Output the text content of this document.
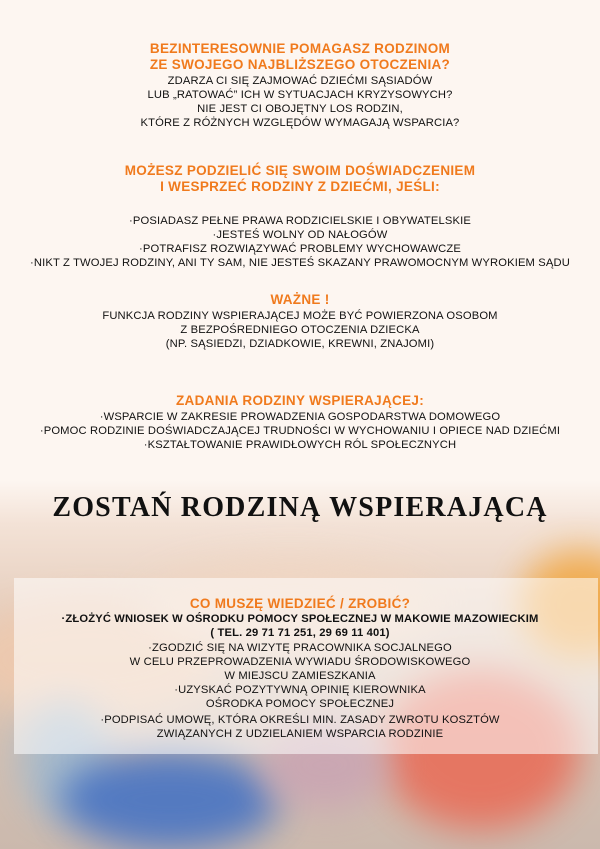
BEZINTERESOWNIE POMAGASZ RODZINOM

ZE SWOJEGO NAJBLIŻSZEGO OTOCZENIA?

ZDARZA CI SIĘ ZAJMOWAĆ DZIEĆMI SĄSIADÓW

LUB „RATOWAĆ” ICH W SYTUACJACH KRYZYSOWYCH?

NIE JEST CI OBOJĘTNY LOS RODZIN,

KTÓRE Z RÓŻNYCH WZGLĘDÓW WYMAGAJĄ WSPARCIA?

MOŻESZ PODZIELIĆ SIĘ SWOIM DOŚWIADCZENIEM

I WESPRZEĆ RODZINY Z DZIEĆMI, JEŚLI:

·POSIADASZ PEŁNE PRAWA RODZICIELSKIE I OBYWATELSKIE

·JESTEŚ WOLNY OD NAŁOGÓW

·POTRAFISZ ROZWIĄZYWAĆ PROBLEMY WYCHOWAWCZE

·NIKT Z TWOJEJ RODZINY, ANI TY SAM, NIE JESTEŚ SKAZANY PRAWOMOCNYM WYROKIEM SĄDU

WAŻNE !

FUNKCJA RODZINY WSPIERAJĄCEJ MOŻE BYĆ POWIERZONA OSOBOM

Z BEZPOŚREDNIEGO OTOCZENIA DZIECKA

(NP. SĄSIEDZI, DZIADKOWIE, KREWNI, ZNAJOMI)

ZADANIA RODZINY WSPIERAJĄCEJ:

·WSPARCIE W ZAKRESIE PROWADZENIA GOSPODARSTWA DOMOWEGO

·POMOC RODZINIE DOŚWIADCZAJĄCEJ TRUDNOŚCI W WYCHOWANIU I OPIECE NAD DZIEĆMI

·KSZTAŁTOWANIE PRAWIDŁOWYCH RÓL SPOŁECZNYCH

ZOSTAŃ RODZINĄ WSPIERAJĄCĄ

CO MUSZĘ WIEDZIEĆ / ZROBIĆ?

·ZŁOŻYĆ WNIOSEK W OŚRODKU POMOCY SPOŁECZNEJ W MAKOWIE MAZOWIECKIM

( TEL. 29 71 71 251, 29 69 11 401)

·ZGODZIĆ SIĘ NA WIZYTĘ PRACOWNIKA SOCJALNEGO

W CELU PRZEPROWADZENIA WYWIADU ŚRODOWISKOWEGO

W MIEJSCU ZAMIESZKANIA

·UZYSKAĆ POZYTYWNĄ OPINIĘ KIEROWNIKA

OŚRODKA POMOCY SPOŁECZNEJ

·PODPISAĆ UMOWĘ, KTÓRA OKREŚLI MIN. ZASADY ZWROTU KOSZTÓW

ZWIĄZANYCH Z UDZIELANIEM WSPARCIA RODZINIE
